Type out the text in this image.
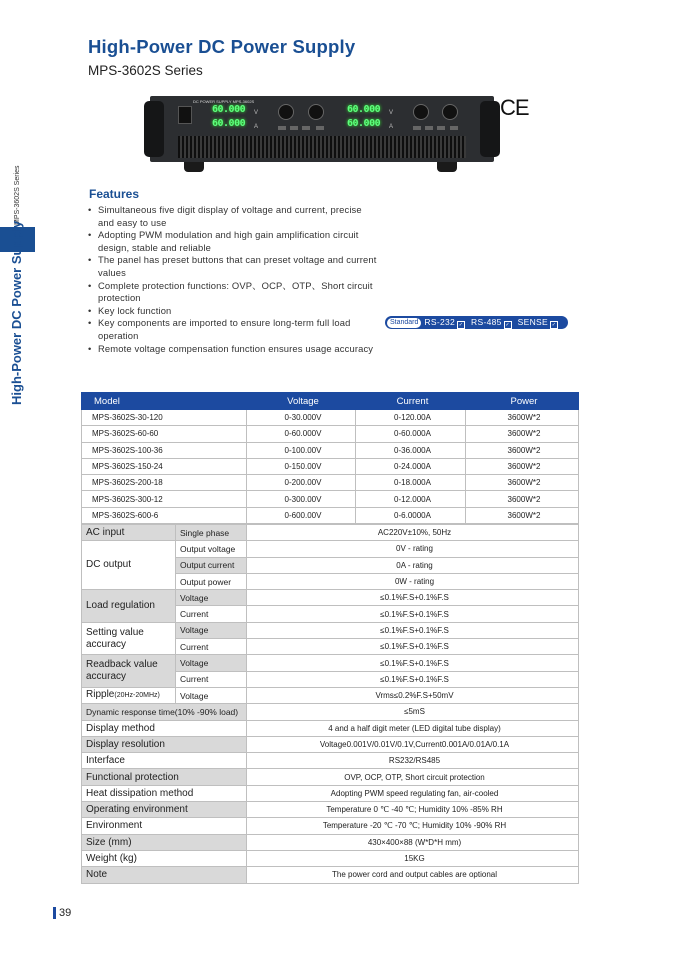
High-Power DC Power Supply
MPS-3602S Series
MPS-3602S Series
High-Power DC Power Supply
DC POWER SUPPLY MPS-3602S
60.000
60.000
V
A
60.000
60.000
V
A
CE
Features
• Simultaneous five digit display of voltage and current, precise and easy to use
• Adopting PWM modulation and high gain amplification circuit design, stable and reliable
• The panel has preset buttons that can preset voltage and current values
• Complete protection functions: OVP、OCP、OTP、Short circuit protection
• Key lock function
• Key components are imported to ensure long-term full load operation
• Remote voltage compensation function ensures usage accuracy
Standard RS-232 ✓ RS-485 ✓ SENSE ✓
Model	Voltage	Current	Power
MPS-3602S-30-120	0-30.000V	0-120.00A	3600W*2
MPS-3602S-60-60	0-60.000V	0-60.000A	3600W*2
MPS-3602S-100-36	0-100.00V	0-36.000A	3600W*2
MPS-3602S-150-24	0-150.00V	0-24.000A	3600W*2
MPS-3602S-200-18	0-200.00V	0-18.000A	3600W*2
MPS-3602S-300-12	0-300.00V	0-12.000A	3600W*2
MPS-3602S-600-6	0-600.00V	0-6.0000A	3600W*2
AC input	Single phase	AC220V±10%, 50Hz
DC output	Output voltage	0V - rating
	Output current	0A - rating
	Output power	0W - rating
Load regulation	Voltage	≤0.1%F.S+0.1%F.S
	Current	≤0.1%F.S+0.1%F.S
Setting value accuracy	Voltage	≤0.1%F.S+0.1%F.S
	Current	≤0.1%F.S+0.1%F.S
Readback value accuracy	Voltage	≤0.1%F.S+0.1%F.S
	Current	≤0.1%F.S+0.1%F.S
Ripple(20Hz-20MHz)	Voltage	Vrms≤0.2%F.S+50mV
Dynamic response time(10% -90% load)		≤5mS
Display method		4 and a half digit meter (LED digital tube display)
Display resolution		Voltage0.001V/0.01V/0.1V,Current0.001A/0.01A/0.1A
Interface		RS232/RS485
Functional protection		OVP, OCP, OTP, Short circuit protection
Heat dissipation method		Adopting PWM speed regulating fan, air-cooled
Operating environment		Temperature 0 ℃ -40 ℃; Humidity 10% -85% RH
Environment		Temperature -20 ℃ -70 ℃; Humidity 10% -90% RH
Size (mm)		430×400×88 (W*D*H mm)
Weight (kg)		15KG
Note		The power cord and output cables are optional
39
